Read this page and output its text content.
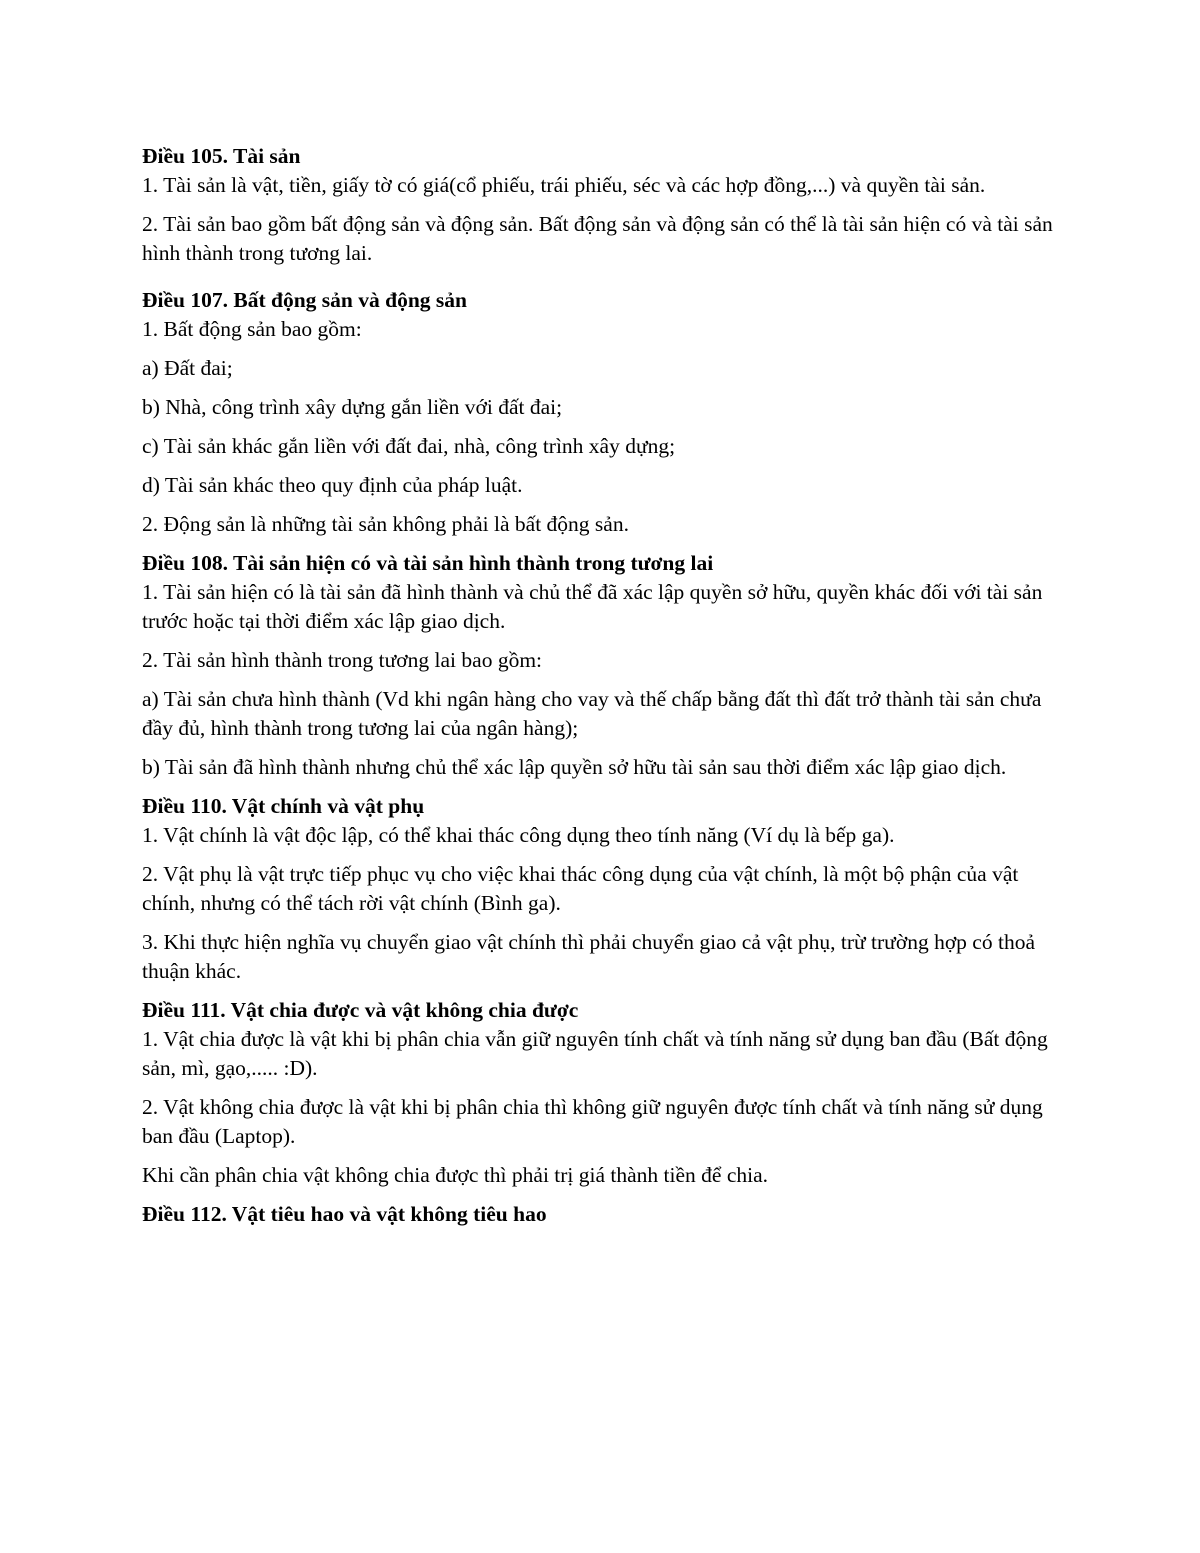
Điều 105. Tài sản

1. Tài sản là vật, tiền, giấy tờ có giá(cổ phiếu, trái phiếu, séc và các hợp đồng,...) và quyền tài sản.

2. Tài sản bao gồm bất động sản và động sản. Bất động sản và động sản có thể là tài sản hiện có và tài sản hình thành trong tương lai.

Điều 107. Bất động sản và động sản

1. Bất động sản bao gồm:

a) Đất đai;

b) Nhà, công trình xây dựng gắn liền với đất đai;

c) Tài sản khác gắn liền với đất đai, nhà, công trình xây dựng;

d) Tài sản khác theo quy định của pháp luật.

2. Động sản là những tài sản không phải là bất động sản.

Điều 108. Tài sản hiện có và tài sản hình thành trong tương lai

1. Tài sản hiện có là tài sản đã hình thành và chủ thể đã xác lập quyền sở hữu, quyền khác đối với tài sản trước hoặc tại thời điểm xác lập giao dịch.

2. Tài sản hình thành trong tương lai bao gồm:

a) Tài sản chưa hình thành (Vd khi ngân hàng cho vay và thế chấp bằng đất thì đất trở thành tài sản chưa đầy đủ, hình thành trong tương lai của ngân hàng);

b) Tài sản đã hình thành nhưng chủ thể xác lập quyền sở hữu tài sản sau thời điểm xác lập giao dịch.

Điều 110. Vật chính và vật phụ

1. Vật chính là vật độc lập, có thể khai thác công dụng theo tính năng (Ví dụ là bếp ga).

2. Vật phụ là vật trực tiếp phục vụ cho việc khai thác công dụng của vật chính, là một bộ phận của vật chính, nhưng có thể tách rời vật chính (Bình ga).

3. Khi thực hiện nghĩa vụ chuyển giao vật chính thì phải chuyển giao cả vật phụ, trừ trường hợp có thoả thuận khác.

Điều 111. Vật chia được và vật không chia được

1. Vật chia được là vật khi bị phân chia vẫn giữ nguyên tính chất và tính năng sử dụng ban đầu (Bất động sản, mì, gạo,..... :D).

2. Vật không chia được là vật khi bị phân chia thì không giữ nguyên được tính chất và tính năng sử dụng ban đầu (Laptop).

Khi cần phân chia vật không chia được thì phải trị giá thành tiền để chia.

Điều 112. Vật tiêu hao và vật không tiêu hao
